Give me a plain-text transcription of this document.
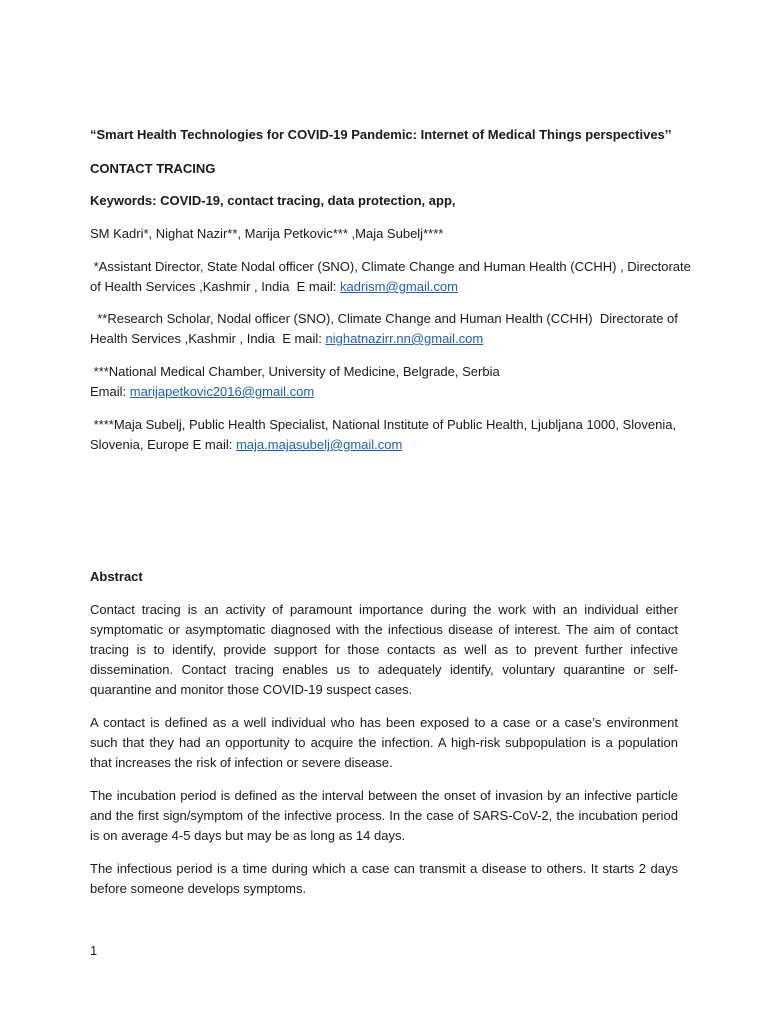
“Smart Health Technologies for COVID-19 Pandemic: Internet of Medical Things perspectives’’
CONTACT TRACING
Keywords: COVID-19, contact tracing, data protection, app,
SM Kadri*, Nighat Nazir**, Marija Petkovic*** ,Maja Subelj****
*Assistant Director, State Nodal officer (SNO), Climate Change and Human Health (CCHH) , Directorate
of Health Services ,Kashmir , India  E mail: kadrism@gmail.com
**Research Scholar, Nodal officer (SNO), Climate Change and Human Health (CCHH)  Directorate of
Health Services ,Kashmir , India  E mail: nighatnazirr.nn@gmail.com
***National Medical Chamber, University of Medicine, Belgrade, Serbia
Email: marijapetkovic2016@gmail.com
****Maja Subelj, Public Health Specialist, National Institute of Public Health, Ljubljana 1000, Slovenia,
Slovenia, Europe E mail: maja.majasubelj@gmail.com
Abstract
Contact tracing is an activity of paramount importance during the work with an individual either symptomatic or asymptomatic diagnosed with the infectious disease of interest. The aim of contact tracing is to identify, provide support for those contacts as well as to prevent further infective dissemination. Contact tracing enables us to adequately identify, voluntary quarantine or self-quarantine and monitor those COVID-19 suspect cases.
A contact is defined as a well individual who has been exposed to a case or a case’s environment such that they had an opportunity to acquire the infection. A high-risk subpopulation is a population that increases the risk of infection or severe disease.
The incubation period is defined as the interval between the onset of invasion by an infective particle and the first sign/symptom of the infective process. In the case of SARS-CoV-2, the incubation period is on average 4-5 days but may be as long as 14 days.
The infectious period is a time during which a case can transmit a disease to others. It starts 2 days before someone develops symptoms.
1
